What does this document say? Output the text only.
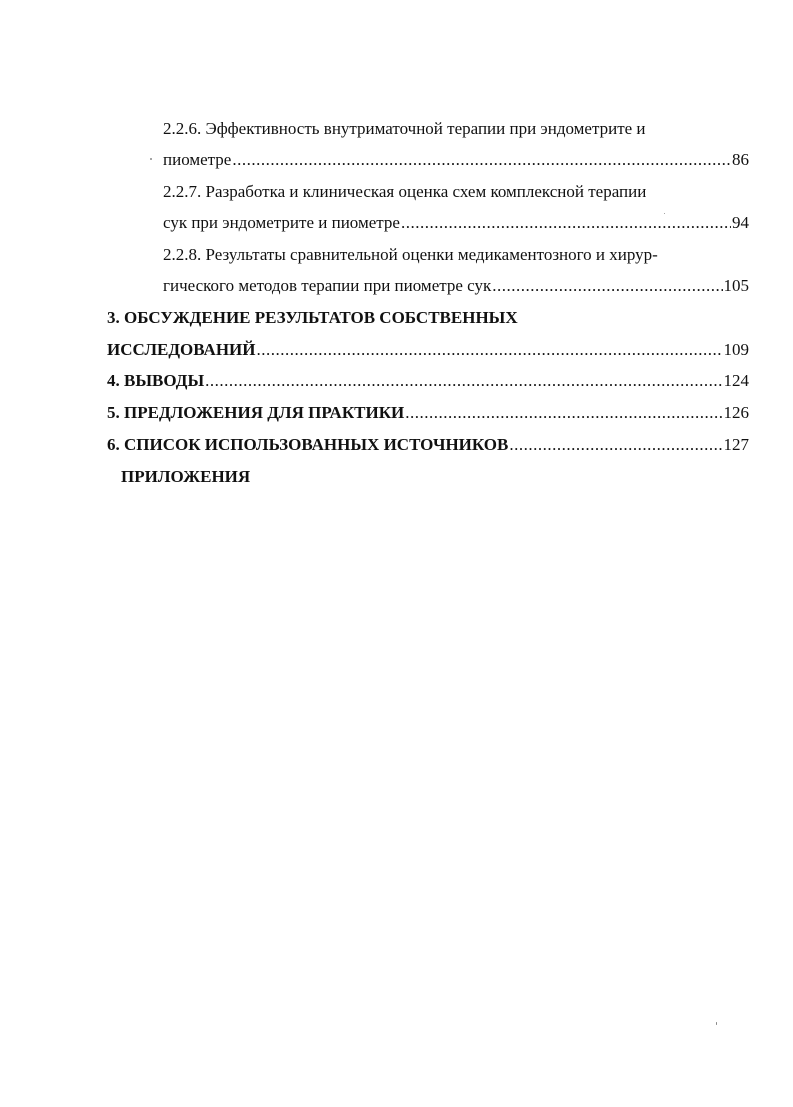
2.2.6. Эффективность внутриматочной терапии при эндометрите и
пиометре .....	86
2.2.7. Разработка и клиническая оценка схем комплексной терапии
сук при эндометрите и пиометре .....	94
2.2.8. Результаты сравнительной оценки медикаментозного и хирур-
гического методов терапии при пиометре сук .....	105
3. ОБСУЖДЕНИЕ РЕЗУЛЬТАТОВ СОБСТВЕННЫХ
ИССЛЕДОВАНИЙ .....	109
4. ВЫВОДЫ .....	124
5. ПРЕДЛОЖЕНИЯ ДЛЯ ПРАКТИКИ .....	126
6. СПИСОК ИСПОЛЬЗОВАННЫХ ИСТОЧНИКОВ .....	127
ПРИЛОЖЕНИЯ
